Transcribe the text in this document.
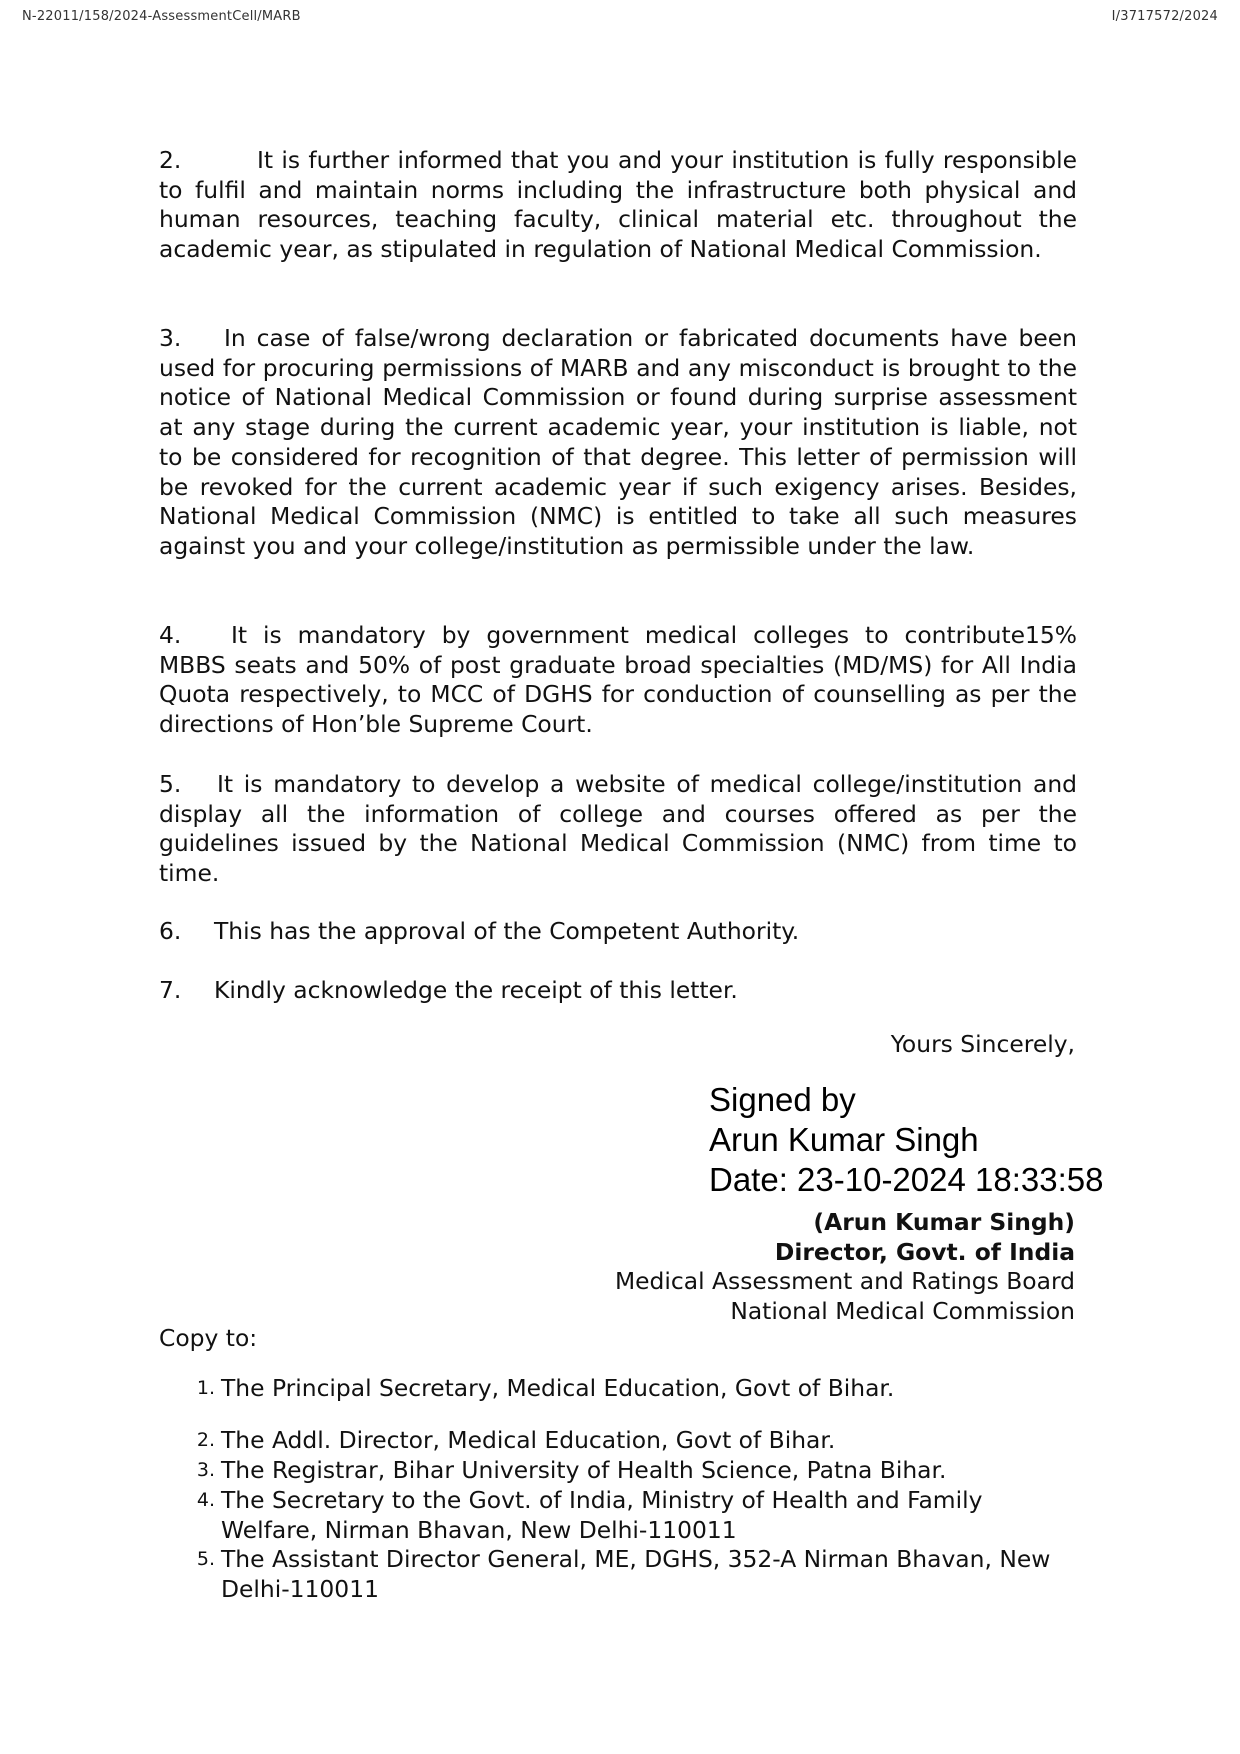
N-22011/158/2024-AssessmentCell/MARB	I/3717572/2024
2.	It is further informed that you and your institution is fully responsible to fulfil and maintain norms including the infrastructure both physical and human resources, teaching faculty, clinical material etc. throughout the academic year, as stipulated in regulation of National Medical Commission.
3. In case of false/wrong declaration or fabricated documents have been used for procuring permissions of MARB and any misconduct is brought to the notice of National Medical Commission or found during surprise assessment at any stage during the current academic year, your institution is liable, not to be considered for recognition of that degree. This letter of permission will be revoked for the current academic year if such exigency arises. Besides, National Medical Commission (NMC) is entitled to take all such measures against you and your college/institution as permissible under the law.
4. It is mandatory by government medical colleges to contribute15% MBBS seats and 50% of post graduate broad specialties (MD/MS) for All India Quota respectively, to MCC of DGHS for conduction of counselling as per the directions of Hon’ble Supreme Court.
5. It is mandatory to develop a website of medical college/institution and display all the information of college and courses offered as per the guidelines issued by the National Medical Commission (NMC) from time to time.
6. This has the approval of the Competent Authority.
7. Kindly acknowledge the receipt of this letter.
Yours Sincerely,
Signed by
Arun Kumar Singh
Date: 23-10-2024 18:33:58
(Arun Kumar Singh)
Director, Govt. of India
Medical Assessment and Ratings Board
National Medical Commission
Copy to:
1. The Principal Secretary, Medical Education, Govt of Bihar.
2. The Addl. Director, Medical Education, Govt of Bihar.
3. The Registrar, Bihar University of Health Science, Patna Bihar.
4. The Secretary to the Govt. of India, Ministry of Health and Family Welfare, Nirman Bhavan, New Delhi-110011
5. The Assistant Director General, ME, DGHS, 352-A Nirman Bhavan, New Delhi-110011
